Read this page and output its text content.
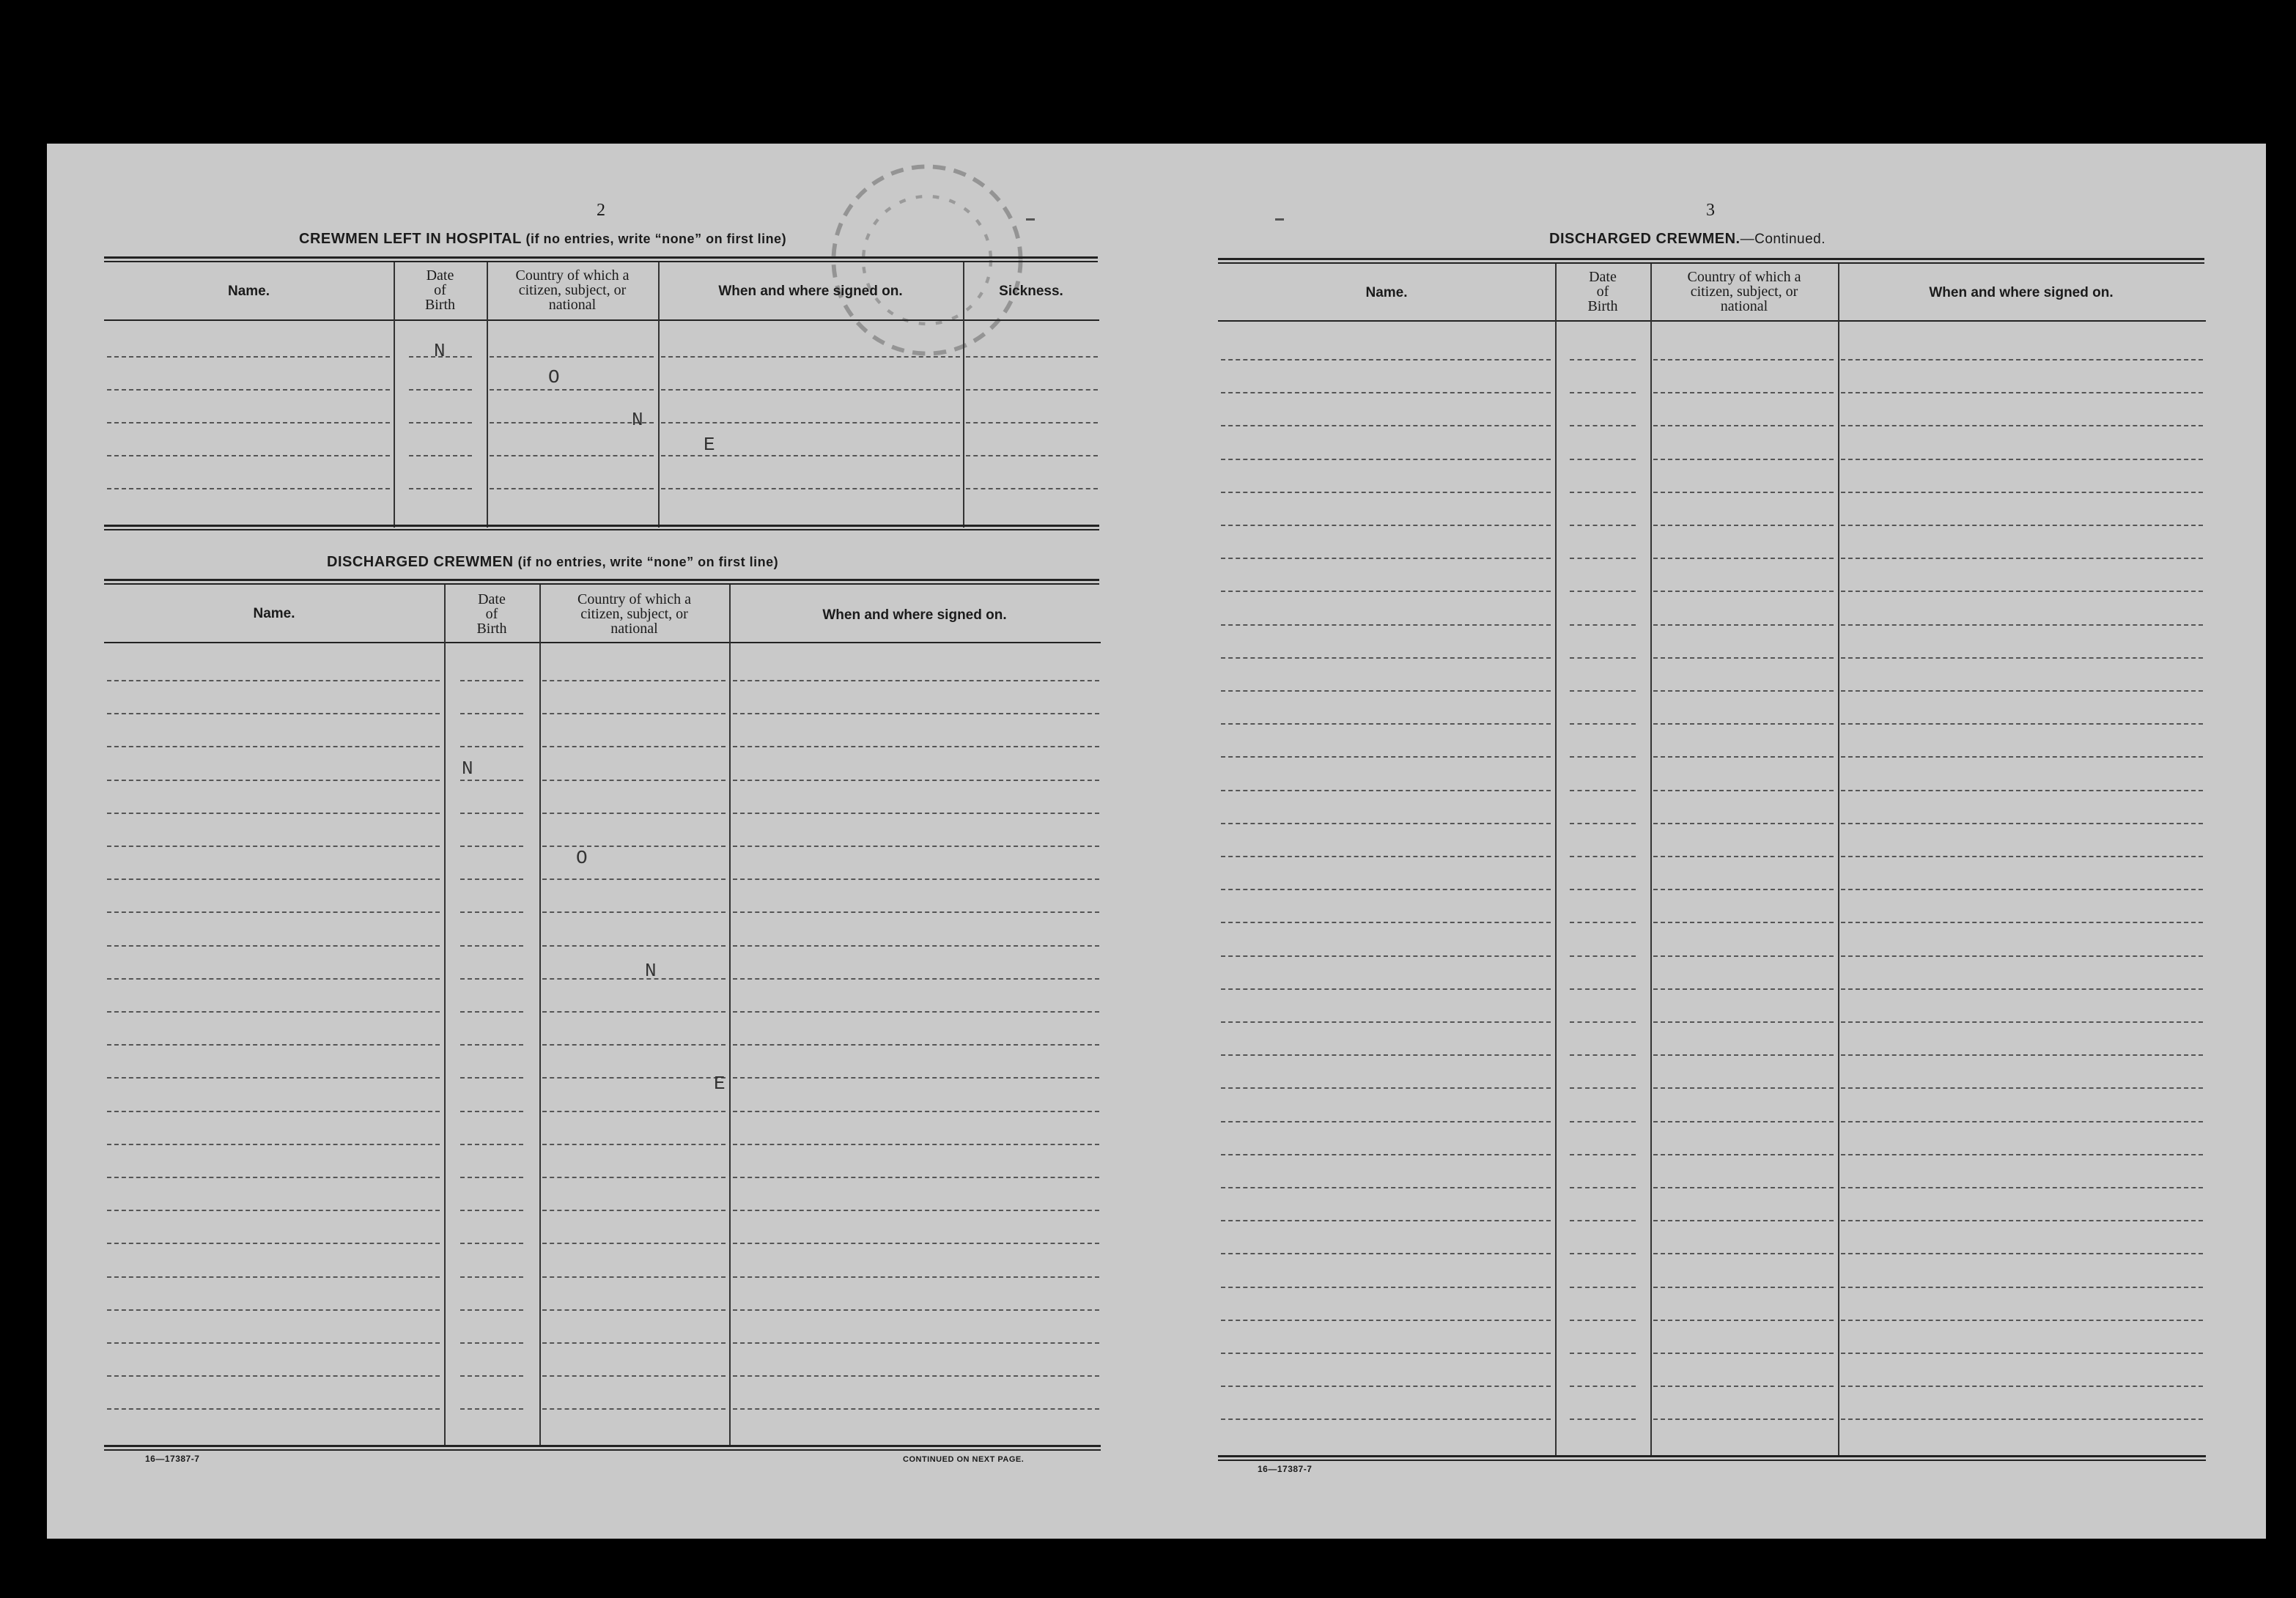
2
CREWMEN LEFT IN HOSPITAL (if no entries, write “none” on first line)
Name.
Date
of
Birth
Country of which a
citizen, subject, or
national
When and where signed on.	Sickness.
N
O
N
E
DISCHARGED CREWMEN (if no entries, write “none” on first line)
Name.
Date
of
Birth
Country of which a
citizen, subject, or
national
When and where signed on.
N
O
N
E
16—17387-7	CONTINUED ON NEXT PAGE.
3
DISCHARGED CREWMEN.—Continued.
Name.
Date
of
Birth
Country of which a
citizen, subject, or
national
When and where signed on.
16—17387-7
